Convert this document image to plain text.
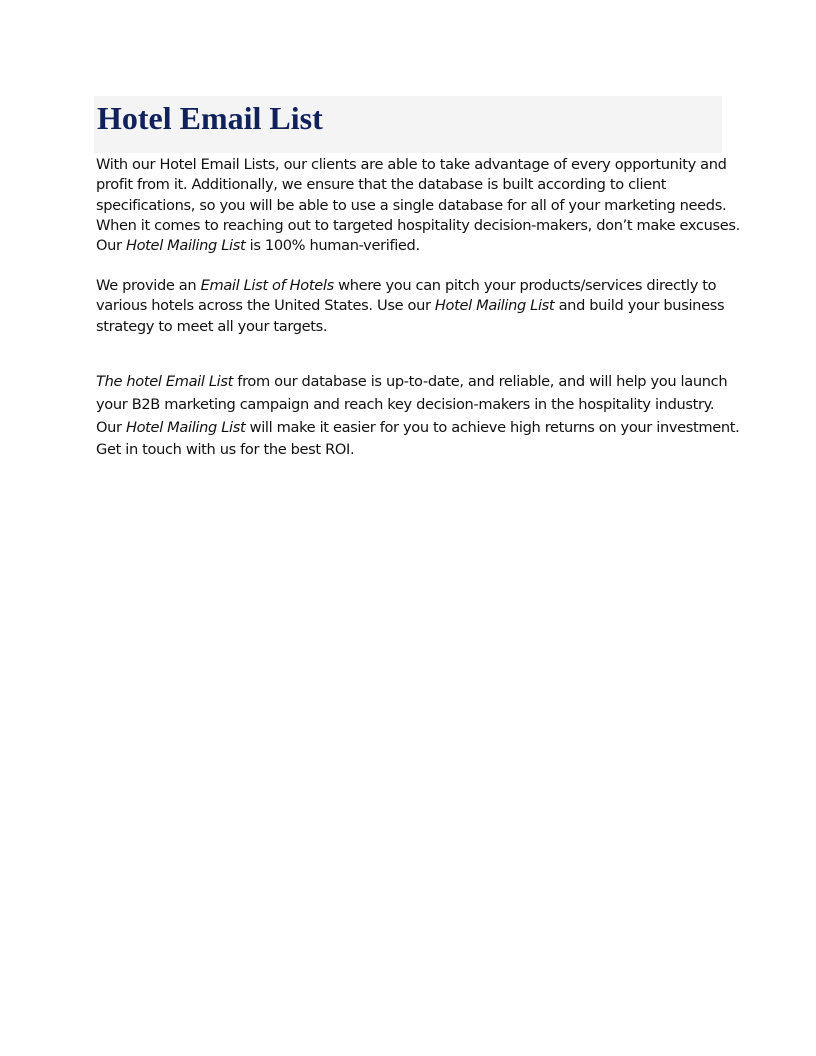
Hotel Email List

With our Hotel Email Lists, our clients are able to take advantage of every opportunity and
profit from it. Additionally, we ensure that the database is built according to client
specifications, so you will be able to use a single database for all of your marketing needs.
When it comes to reaching out to targeted hospitality decision-makers, don’t make excuses.
Our Hotel Mailing List is 100% human-verified.

We provide an Email List of Hotels where you can pitch your products/services directly to
various hotels across the United States. Use our Hotel Mailing List and build your business
strategy to meet all your targets.

The hotel Email List from our database is up-to-date, and reliable, and will help you launch
your B2B marketing campaign and reach key decision-makers in the hospitality industry.
Our Hotel Mailing List will make it easier for you to achieve high returns on your investment.
Get in touch with us for the best ROI.
